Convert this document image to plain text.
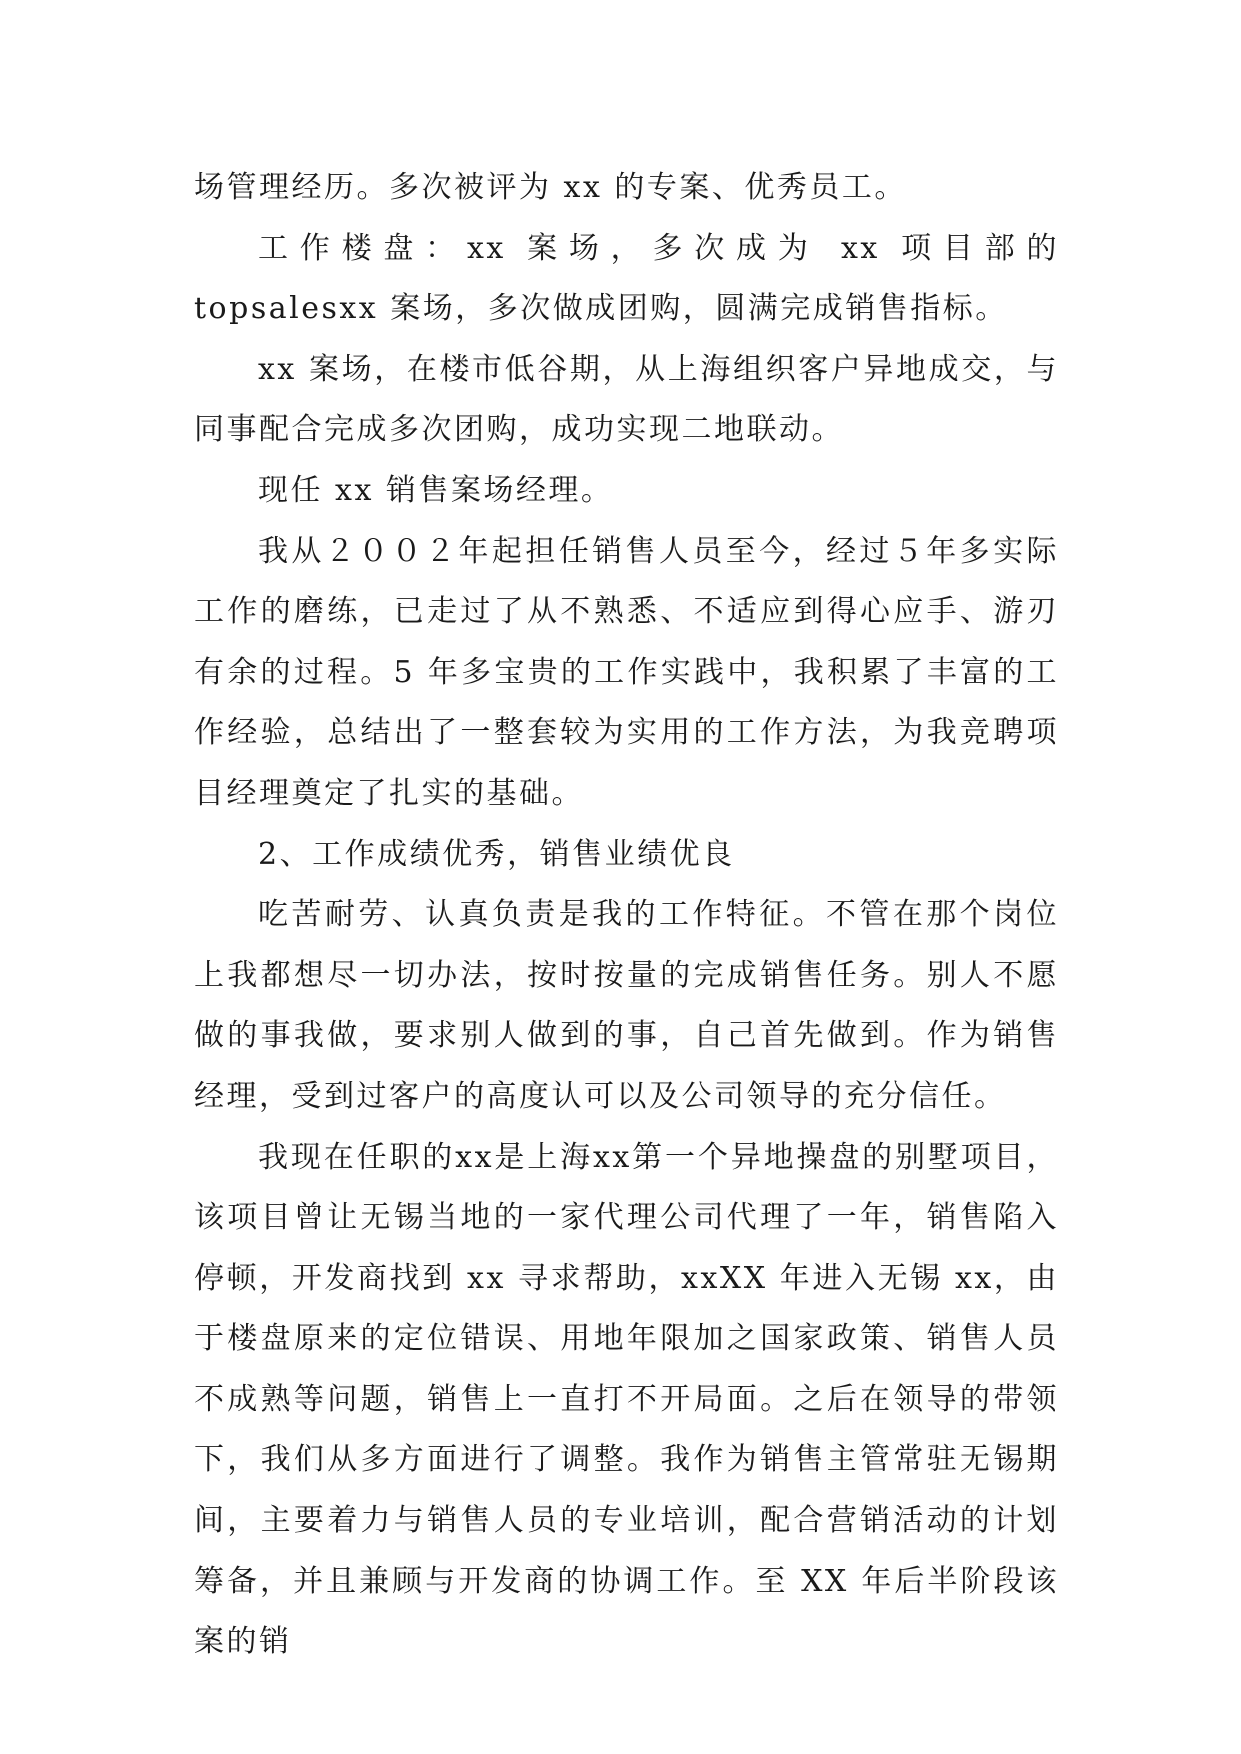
场管理经历。多次被评为 xx 的专案、优秀员工。

工作楼盘：xx 案场，多次成为 xx 项目部的 topsalesxx 案场，多次做成团购，圆满完成销售指标。

xx 案场，在楼市低谷期，从上海组织客户异地成交，与同事配合完成多次团购，成功实现二地联动。

现任 xx 销售案场经理。

我从２００２年起担任销售人员至今，经过５年多实际工作的磨练，已走过了从不熟悉、不适应到得心应手、游刃有余的过程。5 年多宝贵的工作实践中，我积累了丰富的工作经验，总结出了一整套较为实用的工作方法，为我竞聘项目经理奠定了扎实的基础。

2、工作成绩优秀，销售业绩优良

吃苦耐劳、认真负责是我的工作特征。不管在那个岗位上我都想尽一切办法，按时按量的完成销售任务。别人不愿做的事我做，要求别人做到的事，自己首先做到。作为销售经理，受到过客户的高度认可以及公司领导的充分信任。

我现在任职的xx是上海xx第一个异地操盘的别墅项目，该项目曾让无锡当地的一家代理公司代理了一年，销售陷入停顿，开发商找到 xx 寻求帮助，xxXX 年进入无锡 xx，由于楼盘原来的定位错误、用地年限加之国家政策、销售人员不成熟等问题，销售上一直打不开局面。之后在领导的带领下，我们从多方面进行了调整。我作为销售主管常驻无锡期间，主要着力与销售人员的专业培训，配合营销活动的计划筹备，并且兼顾与开发商的协调工作。至 XX 年后半阶段该案的销
